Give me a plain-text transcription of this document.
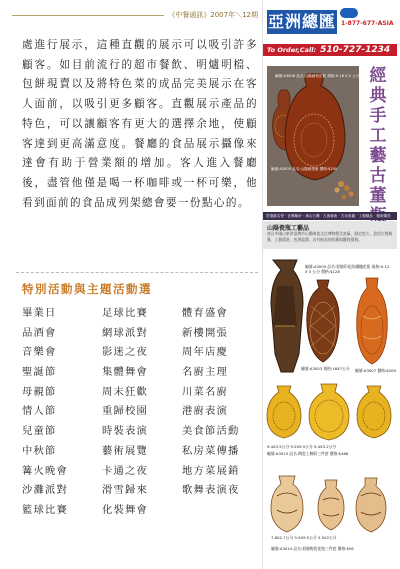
《中餐通訊》2007年＼12期
處進行展示，這種直觀的展示可以吸引許多顧客。如目前流行的超市餐飲、明爐明檔、包餅現賣以及將特色菜的成品完美展示在客人面前，以吸引更多顧客。直觀展示產品的特色，可以讓顧客有更大的選擇余地，使顧客達到更高滿意度。餐廳的食品展示攝像來達會有助于營業額的增加。客人進入餐廳後，盡管他僅是喝一杯咖啡或一杯可樂，他看到面前的食品成列架總會要一份點心的。
特別活動與主題活動選
畢業日	足球比賽	體育盛會
品酒會	網球派對	新樓開張
音樂會	影迷之夜	周年店慶
聖誕節	集體舞會	名廚主理
母親節	周末狂歡	川菜名廚
情人節	重歸校園	港廚表演
兒童節	時裝表演	美食節活動
中秋節	藝術展覽	私房菜傳播
篝火晚會	卡通之夜	地方菜展銷
沙灘派對	滑雪歸來	歌舞表演夜
籃球比賽	化裝舞會
亞洲總匯 1-877-677-ASIA
To Order,Call: 510-727-1234
編號:A3008 品名:山陽細瓷花瓶 規格:H.16 X.5 公分 價格:$360
編號:A3005 品名:山陽細瓷瓶 價格:$240
經典手工藝古董
景德鎮名瓷 · 宜興紫砂 · 佛山石灣 · 古典藝術 · 古玩收藏 · 工藝精品 · 藝術陳設
山陽瓷瓶工藝品
產自中國山東省淄博市山陽陶瓷文化博物館及窯廠，歷史悠久，造型古樸典雅，工藝精湛，色澤溫潤，具有極高的收藏與觀賞價值。
編號:A3009 品名:彩繪印花紋繡樓花瓶 規格:H.12 X 5 公分 價格:$128
編號:A3003 規格:16X7公分 編號:A3007 價格:$209
9.4X3.5公分 9.2X9.5公分 9.4X3.2公分
編號:A3010 品名:陶瓷上釉彩三件套 價格:$488
7.8X2.7公分 5.5X9.5公分 5.5X2公分
編號:A3014 品名:彩繪陶瓷花瓶三件套 價格:$56
